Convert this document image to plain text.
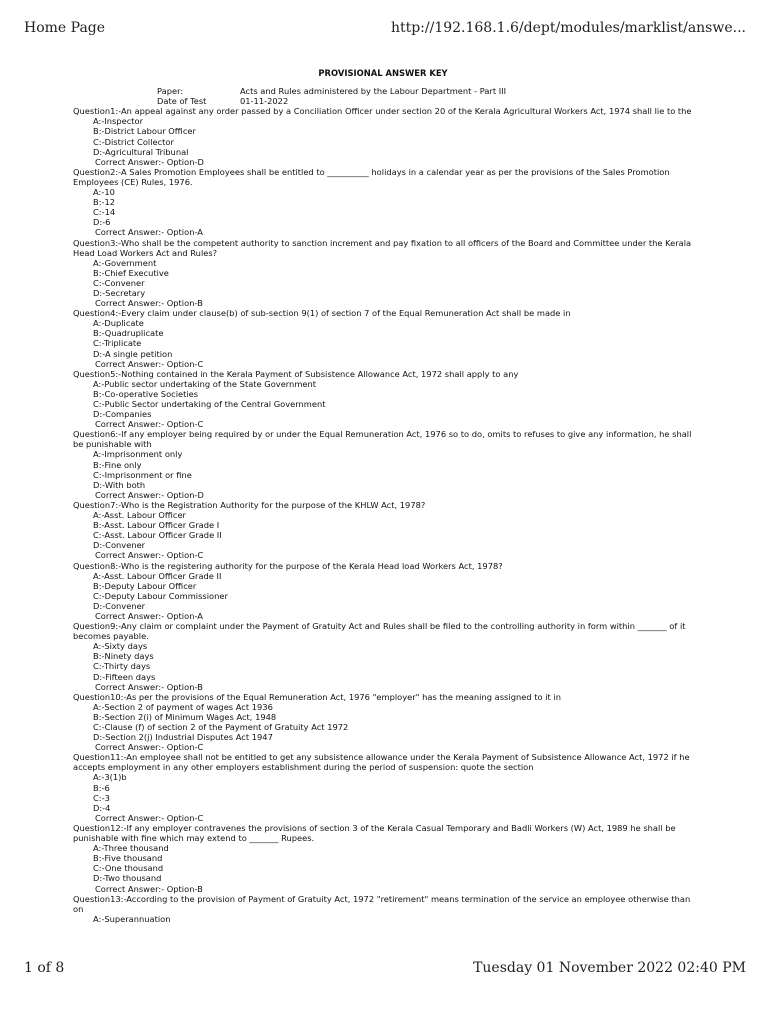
Home Page	http://192.168.1.6/dept/modules/marklist/answe...
PROVISIONAL ANSWER KEY
Paper:	Acts and Rules administered by the Labour Department - Part III
Date of Test	01-11-2022
Question1:-An appeal against any order passed by a Conciliation Officer under section 20 of the Kerala Agricultural Workers Act, 1974 shall lie to the
A:-Inspector
B:-District Labour Officer
C:-District Collector
D:-Agricultural Tribunal
Correct Answer:- Option-D
Question2:-A Sales Promotion Employees shall be entitled to __________ holidays in a calendar year as per the provisions of the Sales Promotion Employees (CE) Rules, 1976.
A:-10
B:-12
C:-14
D:-6
Correct Answer:- Option-A
Question3:-Who shall be the competent authority to sanction increment and pay fixation to all officers of the Board and Committee under the Kerala Head Load Workers Act and Rules?
A:-Government
B:-Chief Executive
C:-Convener
D:-Secretary
Correct Answer:- Option-B
Question4:-Every claim under clause(b) of sub-section 9(1) of section 7 of the Equal Remuneration Act shall be made in
A:-Duplicate
B:-Quadruplicate
C:-Triplicate
D:-A single petition
Correct Answer:- Option-C
Question5:-Nothing contained in the Kerala Payment of Subsistence Allowance Act, 1972 shall apply to any
A:-Public sector undertaking of the State Government
B:-Co-operative Societies
C:-Public Sector undertaking of the Central Government
D:-Companies
Correct Answer:- Option-C
Question6:-If any employer being required by or under the Equal Remuneration Act, 1976 so to do, omits to refuses to give any information, he shall be punishable with
A:-Imprisonment only
B:-Fine only
C:-Imprisonment or fine
D:-With both
Correct Answer:- Option-D
Question7:-Who is the Registration Authority for the purpose of the KHLW Act, 1978?
A:-Asst. Labour Officer
B:-Asst. Labour Officer Grade I
C:-Asst. Labour Officer Grade II
D:-Convener
Correct Answer:- Option-C
Question8:-Who is the registering authority for the purpose of the Kerala Head load Workers Act, 1978?
A:-Asst. Labour Officer Grade II
B:-Deputy Labour Officer
C:-Deputy Labour Commissioner
D:-Convener
Correct Answer:- Option-A
Question9:-Any claim or complaint under the Payment of Gratuity Act and Rules shall be filed to the controlling authority in form within _______ of it becomes payable.
A:-Sixty days
B:-Ninety days
C:-Thirty days
D:-Fifteen days
Correct Answer:- Option-B
Question10:-As per the provisions of the Equal Remuneration Act, 1976 "employer" has the meaning assigned to it in
A:-Section 2 of payment of wages Act 1936
B:-Section 2(i) of Minimum Wages Act, 1948
C:-Clause (f) of section 2 of the Payment of Gratuity Act 1972
D:-Section 2(j) Industrial Disputes Act 1947
Correct Answer:- Option-C
Question11:-An employee shall not be entitled to get any subsistence allowance under the Kerala Payment of Subsistence Allowance Act, 1972 if he accepts employment in any other employers establishment during the period of suspension: quote the section
A:-3(1)b
B:-6
C:-3
D:-4
Correct Answer:- Option-C
Question12:-If any employer contravenes the provisions of section 3 of the Kerala Casual Temporary and Badli Workers (W) Act, 1989 he shall be punishable with fine which may extend to _______ Rupees.
A:-Three thousand
B:-Five thousand
C:-One thousand
D:-Two thousand
Correct Answer:- Option-B
Question13:-According to the provision of Payment of Gratuity Act, 1972 "retirement" means termination of the service an employee otherwise than on
A:-Superannuation
1 of 8	Tuesday 01 November 2022 02:40 PM
